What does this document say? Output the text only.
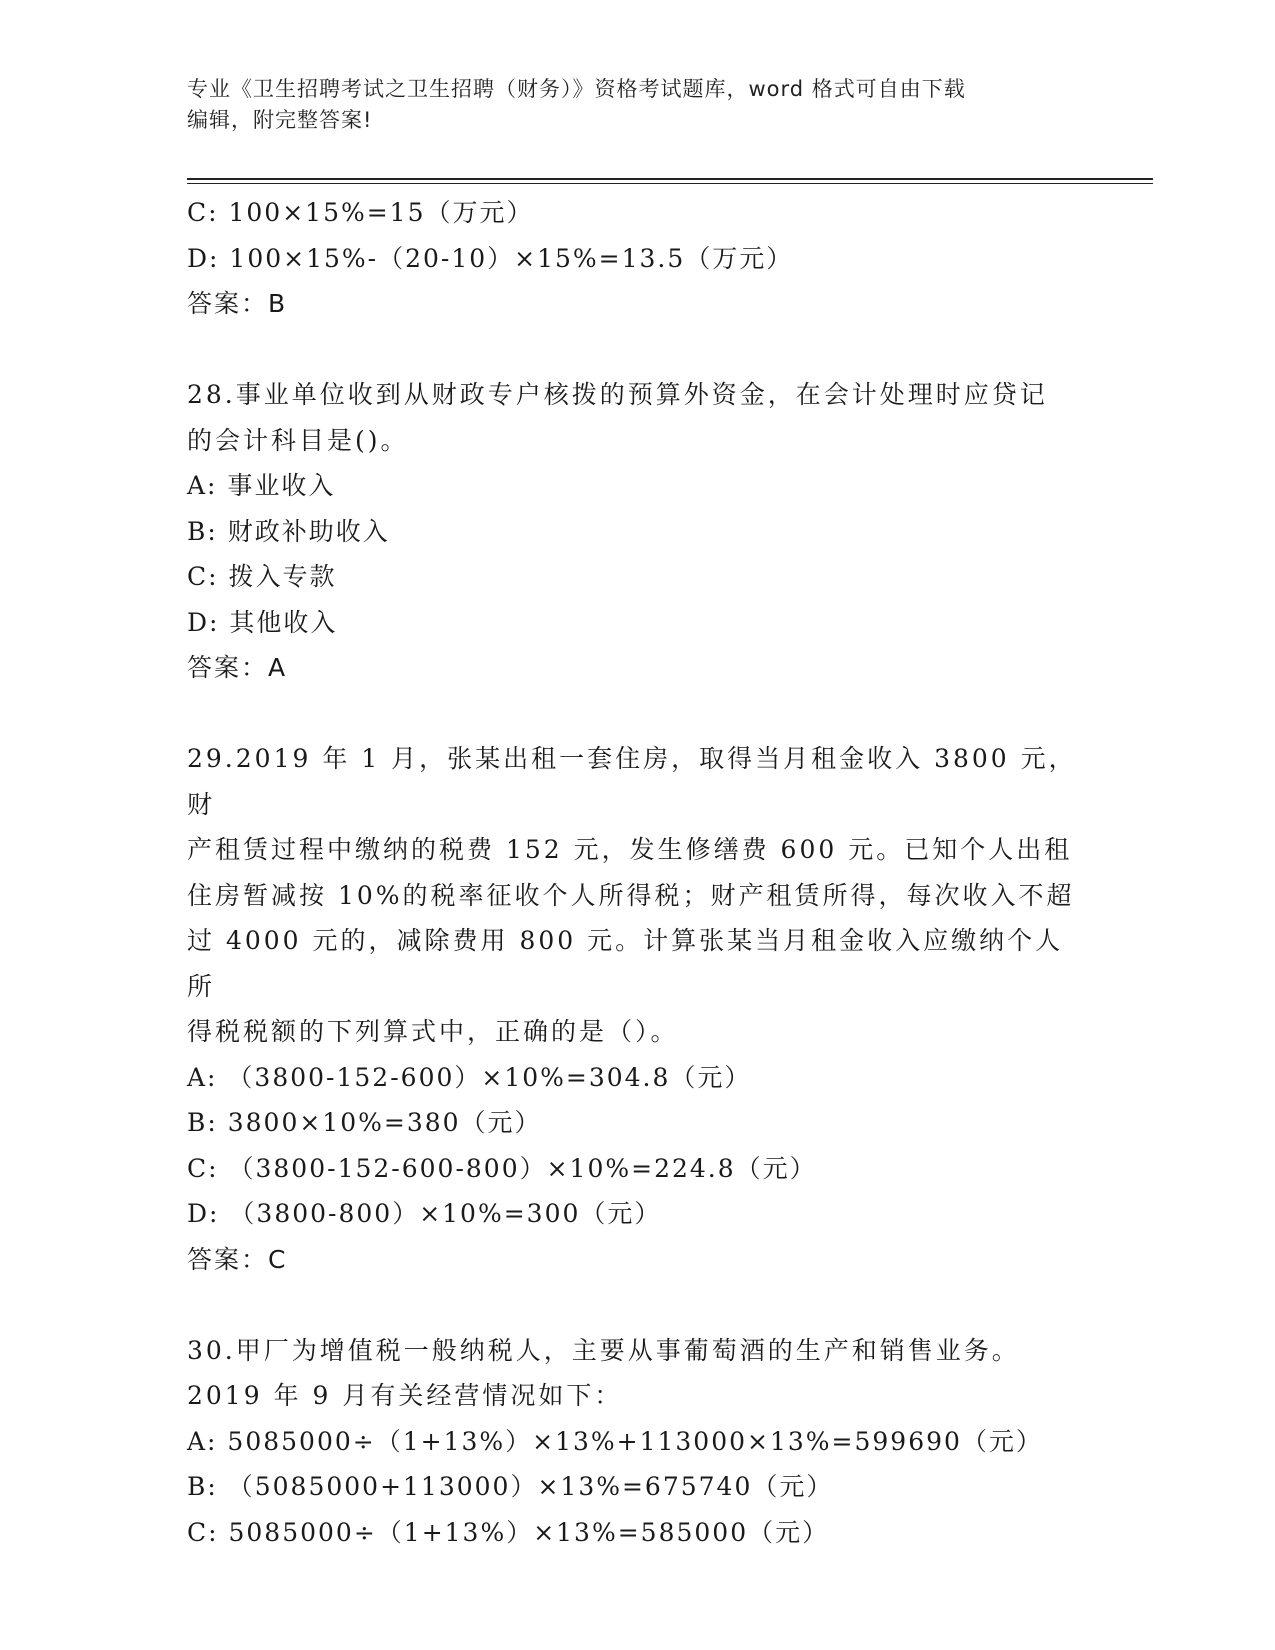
专业《卫生招聘考试之卫生招聘（财务）》资格考试题库，word 格式可自由下载
编辑，附完整答案!
C: 100×15%=15（万元）
D: 100×15%-（20-10）×15%=13.5（万元）
答案：B
28.事业单位收到从财政专户核拨的预算外资金，在会计处理时应贷记
的会计科目是()。
A: 事业收入
B: 财政补助收入
C: 拨入专款
D: 其他收入
答案：A
29.2019 年 1 月，张某出租一套住房，取得当月租金收入 3800 元，财
产租赁过程中缴纳的税费 152 元，发生修缮费 600 元。已知个人出租
住房暂减按 10%的税率征收个人所得税；财产租赁所得，每次收入不超
过 4000 元的，减除费用 800 元。计算张某当月租金收入应缴纳个人所
得税税额的下列算式中，正确的是（）。
A: （3800-152-600）×10%=304.8（元）
B: 3800×10%=380（元）
C: （3800-152-600-800）×10%=224.8（元）
D: （3800-800）×10%=300（元）
答案：C
30.甲厂为增值税一般纳税人，主要从事葡萄酒的生产和销售业务。
2019 年 9 月有关经营情况如下：
A: 5085000÷（1+13%）×13%+113000×13%=599690（元）
B: （5085000+113000）×13%=675740（元）
C: 5085000÷（1+13%）×13%=585000（元）
